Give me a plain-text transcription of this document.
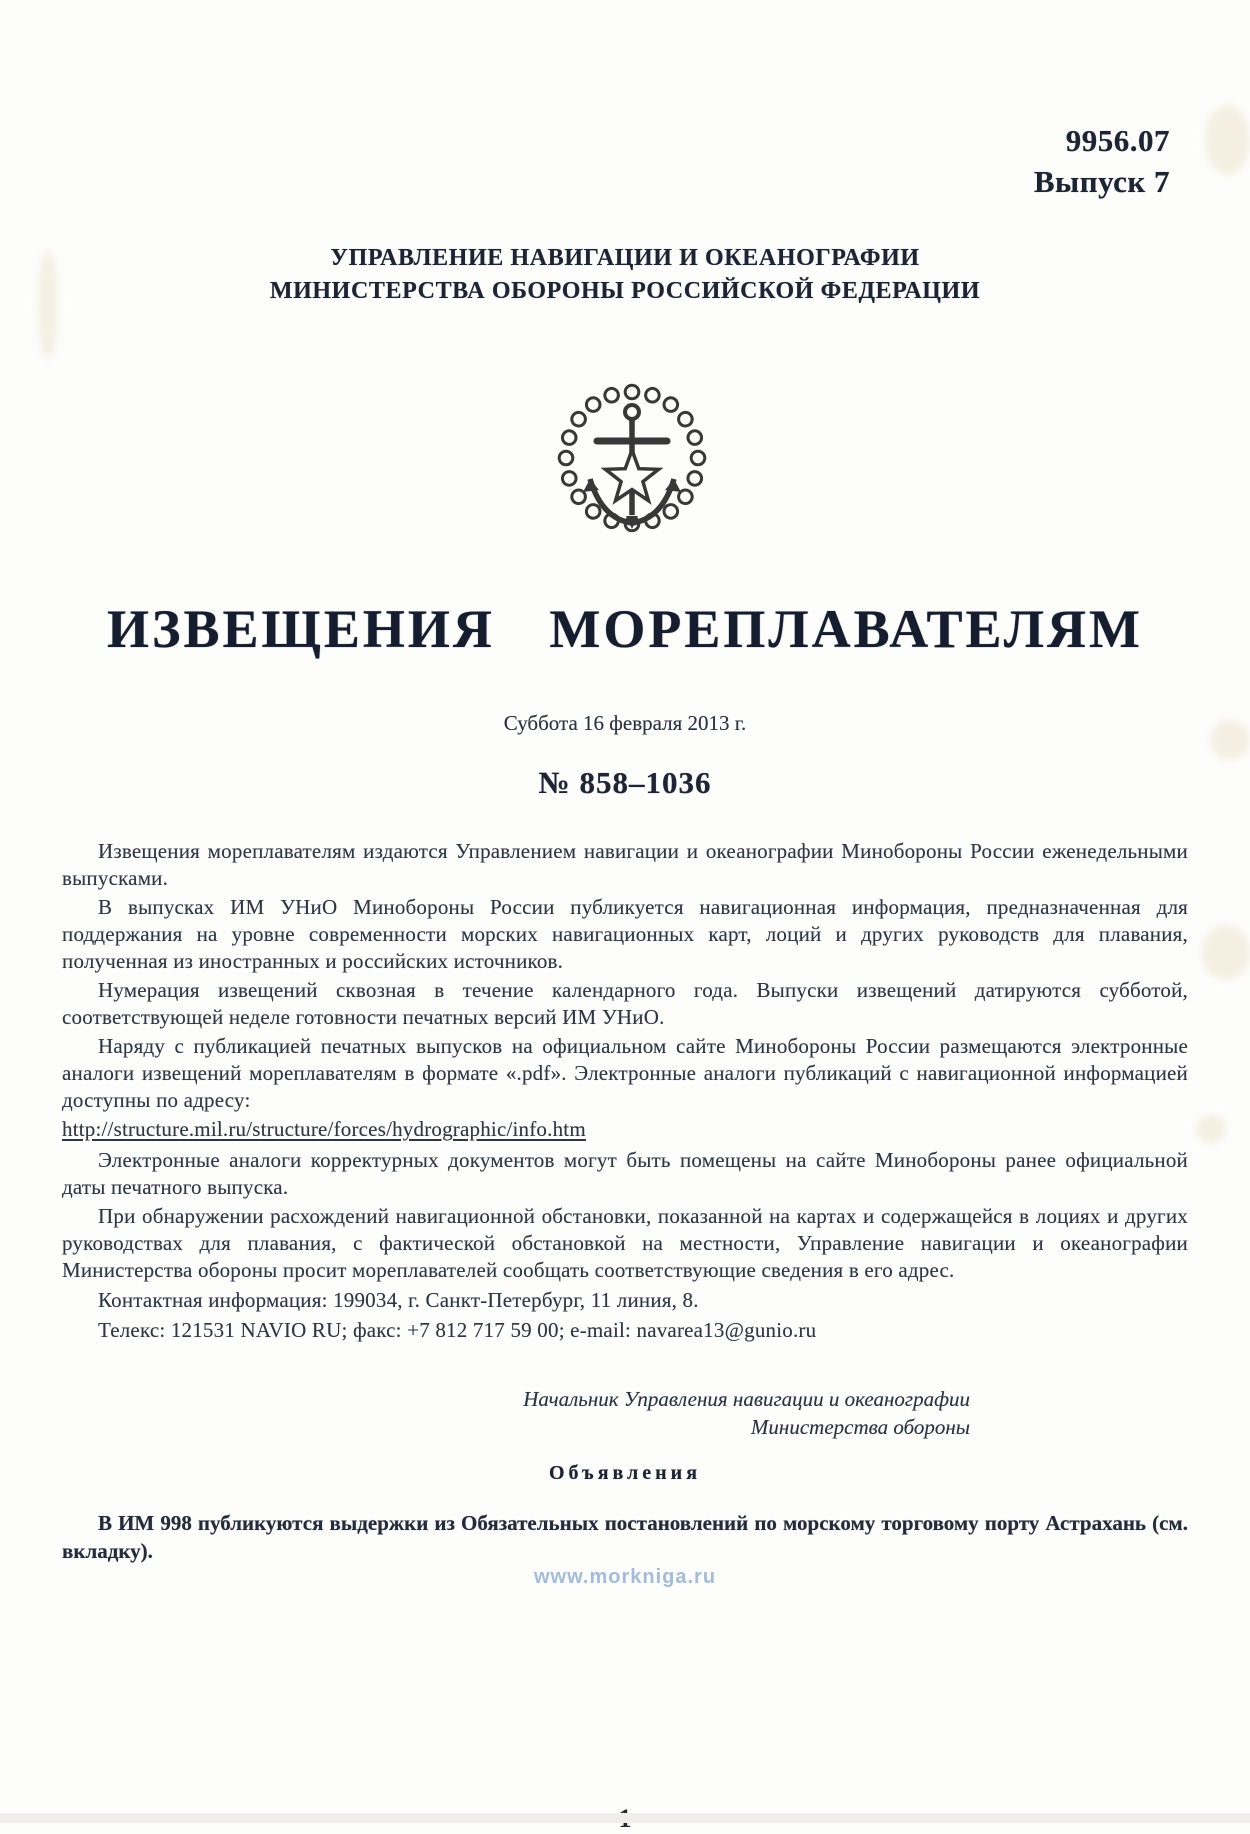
9956.07
Выпуск 7
УПРАВЛЕНИЕ НАВИГАЦИИ И ОКЕАНОГРАФИИ
МИНИСТЕРСТВА ОБОРОНЫ РОССИЙСКОЙ ФЕДЕРАЦИИ
ИЗВЕЩЕНИЯ МОРЕПЛАВАТЕЛЯМ
Суббота 16 февраля 2013 г.
№ 858–1036

Извещения мореплавателям издаются Управлением навигации и океанографии Минобороны России еженедельными выпусками.

В выпусках ИМ УНиО Минобороны России публикуется навигационная информация, предназначенная для поддержания на уровне современности морских навигационных карт, лоций и других руководств для плавания, полученная из иностранных и российских источников.

Нумерация извещений сквозная в течение календарного года. Выпуски извещений датируются субботой, соответствующей неделе готовности печатных версий ИМ УНиО.

Наряду с публикацией печатных выпусков на официальном сайте Минобороны России размещаются электронные аналоги извещений мореплавателям в формате «.pdf». Электронные аналоги публикаций с навигационной информацией доступны по адресу:

http://structure.mil.ru/structure/forces/hydrographic/info.htm

Электронные аналоги корректурных документов могут быть помещены на сайте Минобороны ранее официальной даты печатного выпуска.

При обнаружении расхождений навигационной обстановки, показанной на картах и содержащейся в лоциях и других руководствах для плавания, с фактической обстановкой на местности, Управление навигации и океанографии Министерства обороны просит мореплавателей сообщать соответствующие сведения в его адрес.

Контактная информация: 199034, г. Санкт-Петербург, 11 линия, 8.

Телекс: 121531 NAVIO RU; факс: +7 812 717 59 00; e-mail: navarea13@gunio.ru

Начальник Управления навигации и океанографии
Министерства обороны
Объявления
В ИМ 998 публикуются выдержки из Обязательных постановлений по морскому торговому порту Астрахань (см. вкладку).
www.morkniga.ru
